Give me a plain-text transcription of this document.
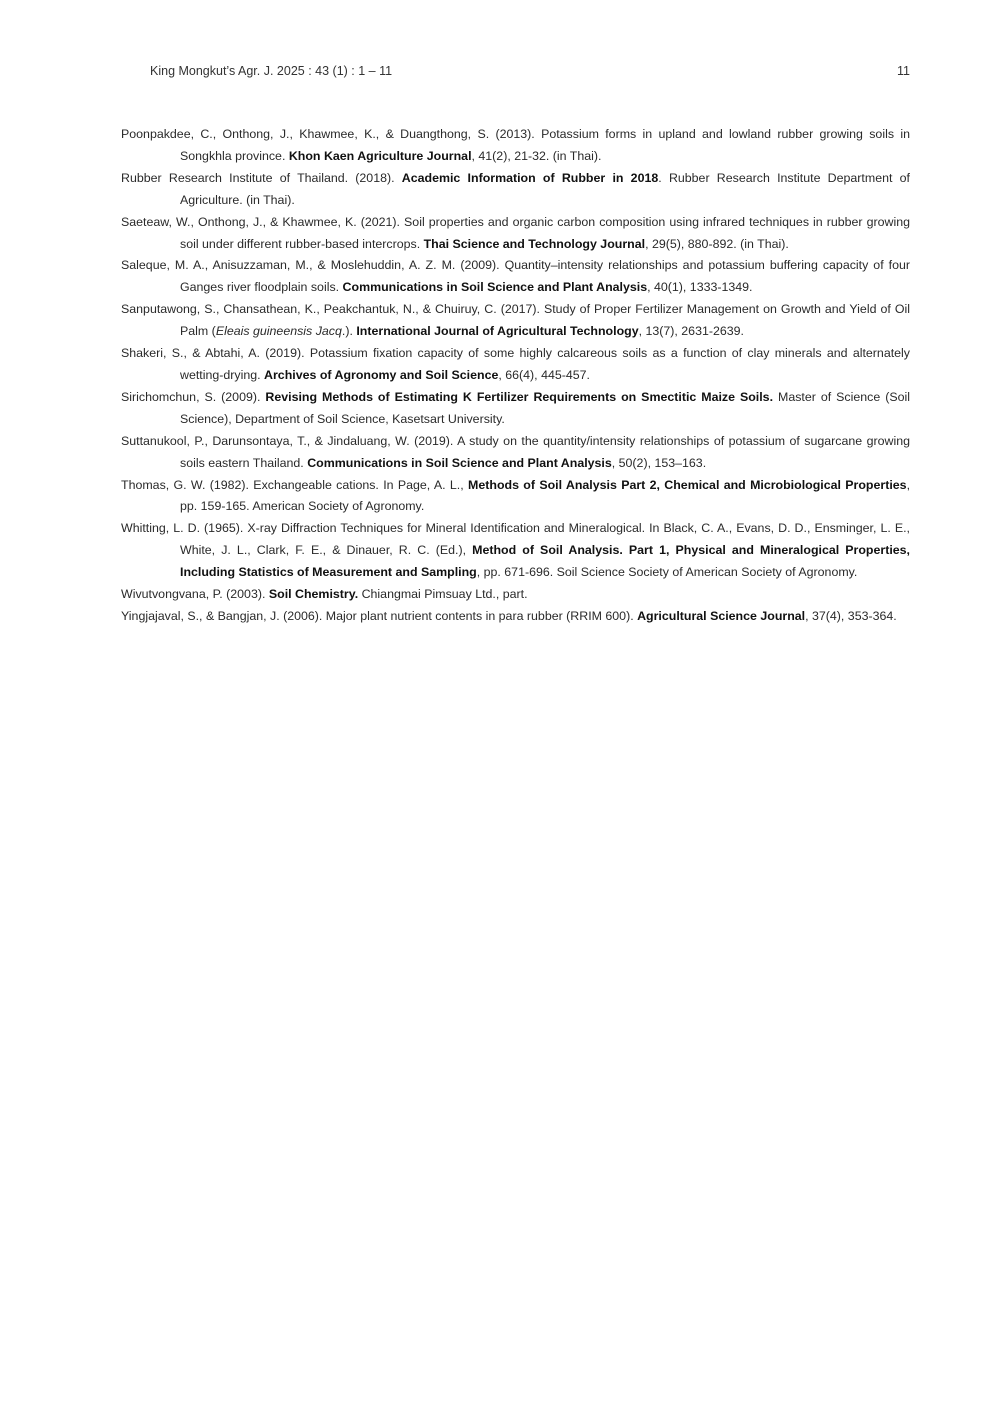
King Mongkut’s Agr. J. 2025 : 43 (1) : 1 – 11	11
Poonpakdee, C., Onthong, J., Khawmee, K., & Duangthong, S. (2013). Potassium forms in upland and lowland rubber growing soils in Songkhla province. Khon Kaen Agriculture Journal, 41(2), 21-32. (in Thai).
Rubber Research Institute of Thailand. (2018). Academic Information of Rubber in 2018. Rubber Research Institute Department of Agriculture. (in Thai).
Saeteaw, W., Onthong, J., & Khawmee, K. (2021). Soil properties and organic carbon composition using infrared techniques in rubber growing soil under different rubber-based intercrops. Thai Science and Technology Journal, 29(5), 880-892. (in Thai).
Saleque, M. A., Anisuzzaman, M., & Moslehuddin, A. Z. M. (2009). Quantity–intensity relationships and potassium buffering capacity of four Ganges river floodplain soils. Communications in Soil Science and Plant Analysis, 40(1), 1333-1349.
Sanputawong, S., Chansathean, K., Peakchantuk, N., & Chuiruy, C. (2017). Study of Proper Fertilizer Management on Growth and Yield of Oil Palm (Eleais guineensis Jacq.). International Journal of Agricultural Technology, 13(7), 2631-2639.
Shakeri, S., & Abtahi, A. (2019). Potassium fixation capacity of some highly calcareous soils as a function of clay minerals and alternately wetting-drying. Archives of Agronomy and Soil Science, 66(4), 445-457.
Sirichomchun, S. (2009). Revising Methods of Estimating K Fertilizer Requirements on Smectitic Maize Soils. Master of Science (Soil Science), Department of Soil Science, Kasetsart University.
Suttanukool, P., Darunsontaya, T., & Jindaluang, W. (2019). A study on the quantity/intensity relationships of potassium of sugarcane growing soils eastern Thailand. Communications in Soil Science and Plant Analysis, 50(2), 153–163.
Thomas, G. W. (1982). Exchangeable cations. In Page, A. L., Methods of Soil Analysis Part 2, Chemical and Microbiological Properties, pp. 159-165. American Society of Agronomy.
Whitting, L. D. (1965). X-ray Diffraction Techniques for Mineral Identification and Mineralogical. In Black, C. A., Evans, D. D., Ensminger, L. E., White, J. L., Clark, F. E., & Dinauer, R. C. (Ed.), Method of Soil Analysis. Part 1, Physical and Mineralogical Properties, Including Statistics of Measurement and Sampling, pp. 671-696. Soil Science Society of American Society of Agronomy.
Wivutvongvana, P. (2003). Soil Chemistry. Chiangmai Pimsuay Ltd., part.
Yingjajaval, S., & Bangjan, J. (2006). Major plant nutrient contents in para rubber (RRIM 600). Agricultural Science Journal, 37(4), 353-364.
